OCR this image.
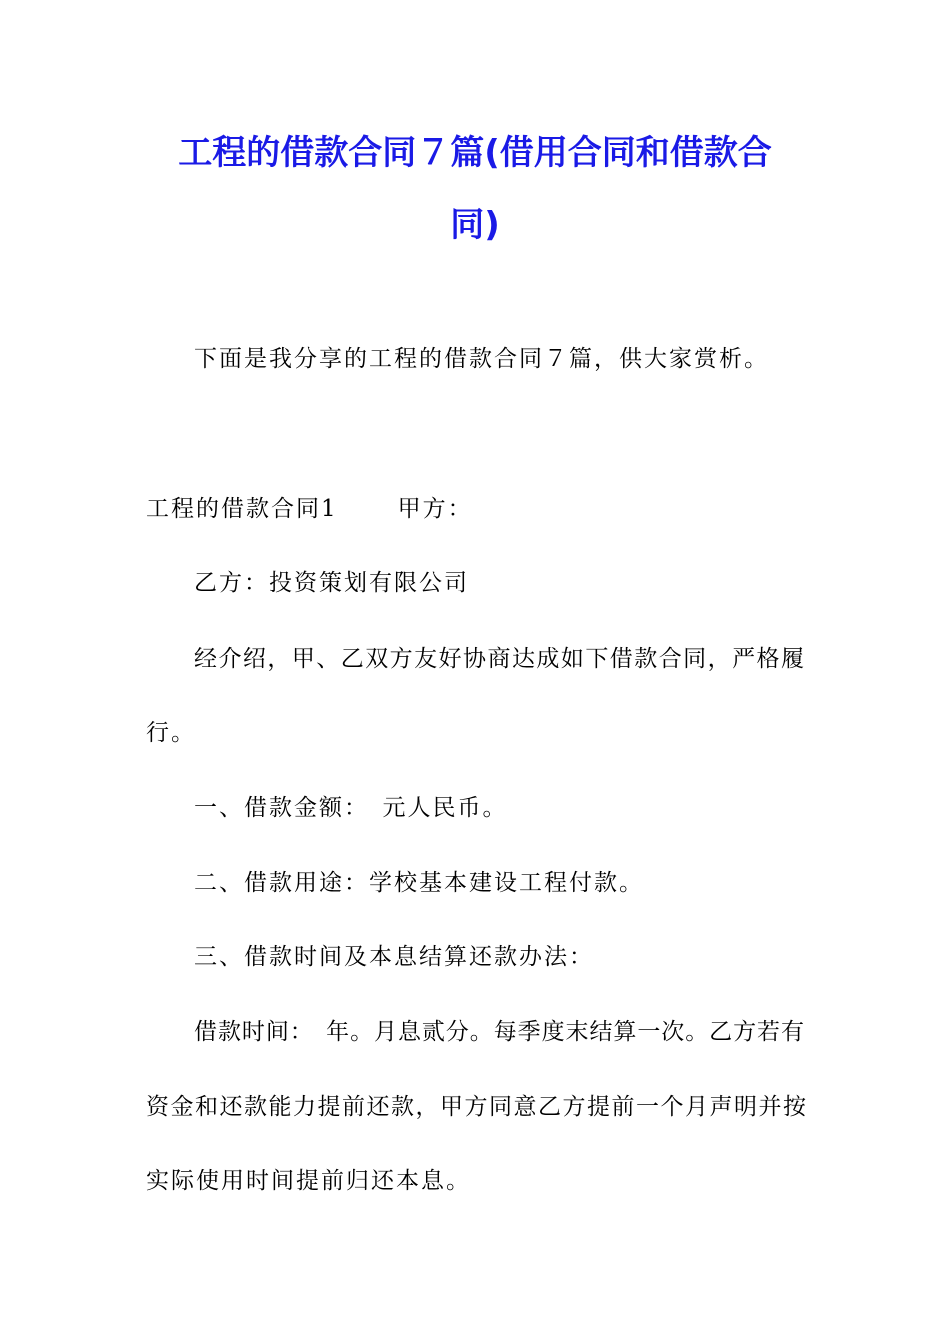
工程的借款合同７篇(借用合同和借款合
同)

下面是我分享的工程的借款合同７篇，供大家赏析。

工程的借款合同1	甲方：

乙方：投资策划有限公司

经介绍，甲、乙双方友好协商达成如下借款合同，严格履

行。

一、借款金额：　元人民币。

二、借款用途：学校基本建设工程付款。

三、借款时间及本息结算还款办法：

借款时间：　年。月息贰分。每季度末结算一次。乙方若有

资金和还款能力提前还款，甲方同意乙方提前一个月声明并按

实际使用时间提前归还本息。
